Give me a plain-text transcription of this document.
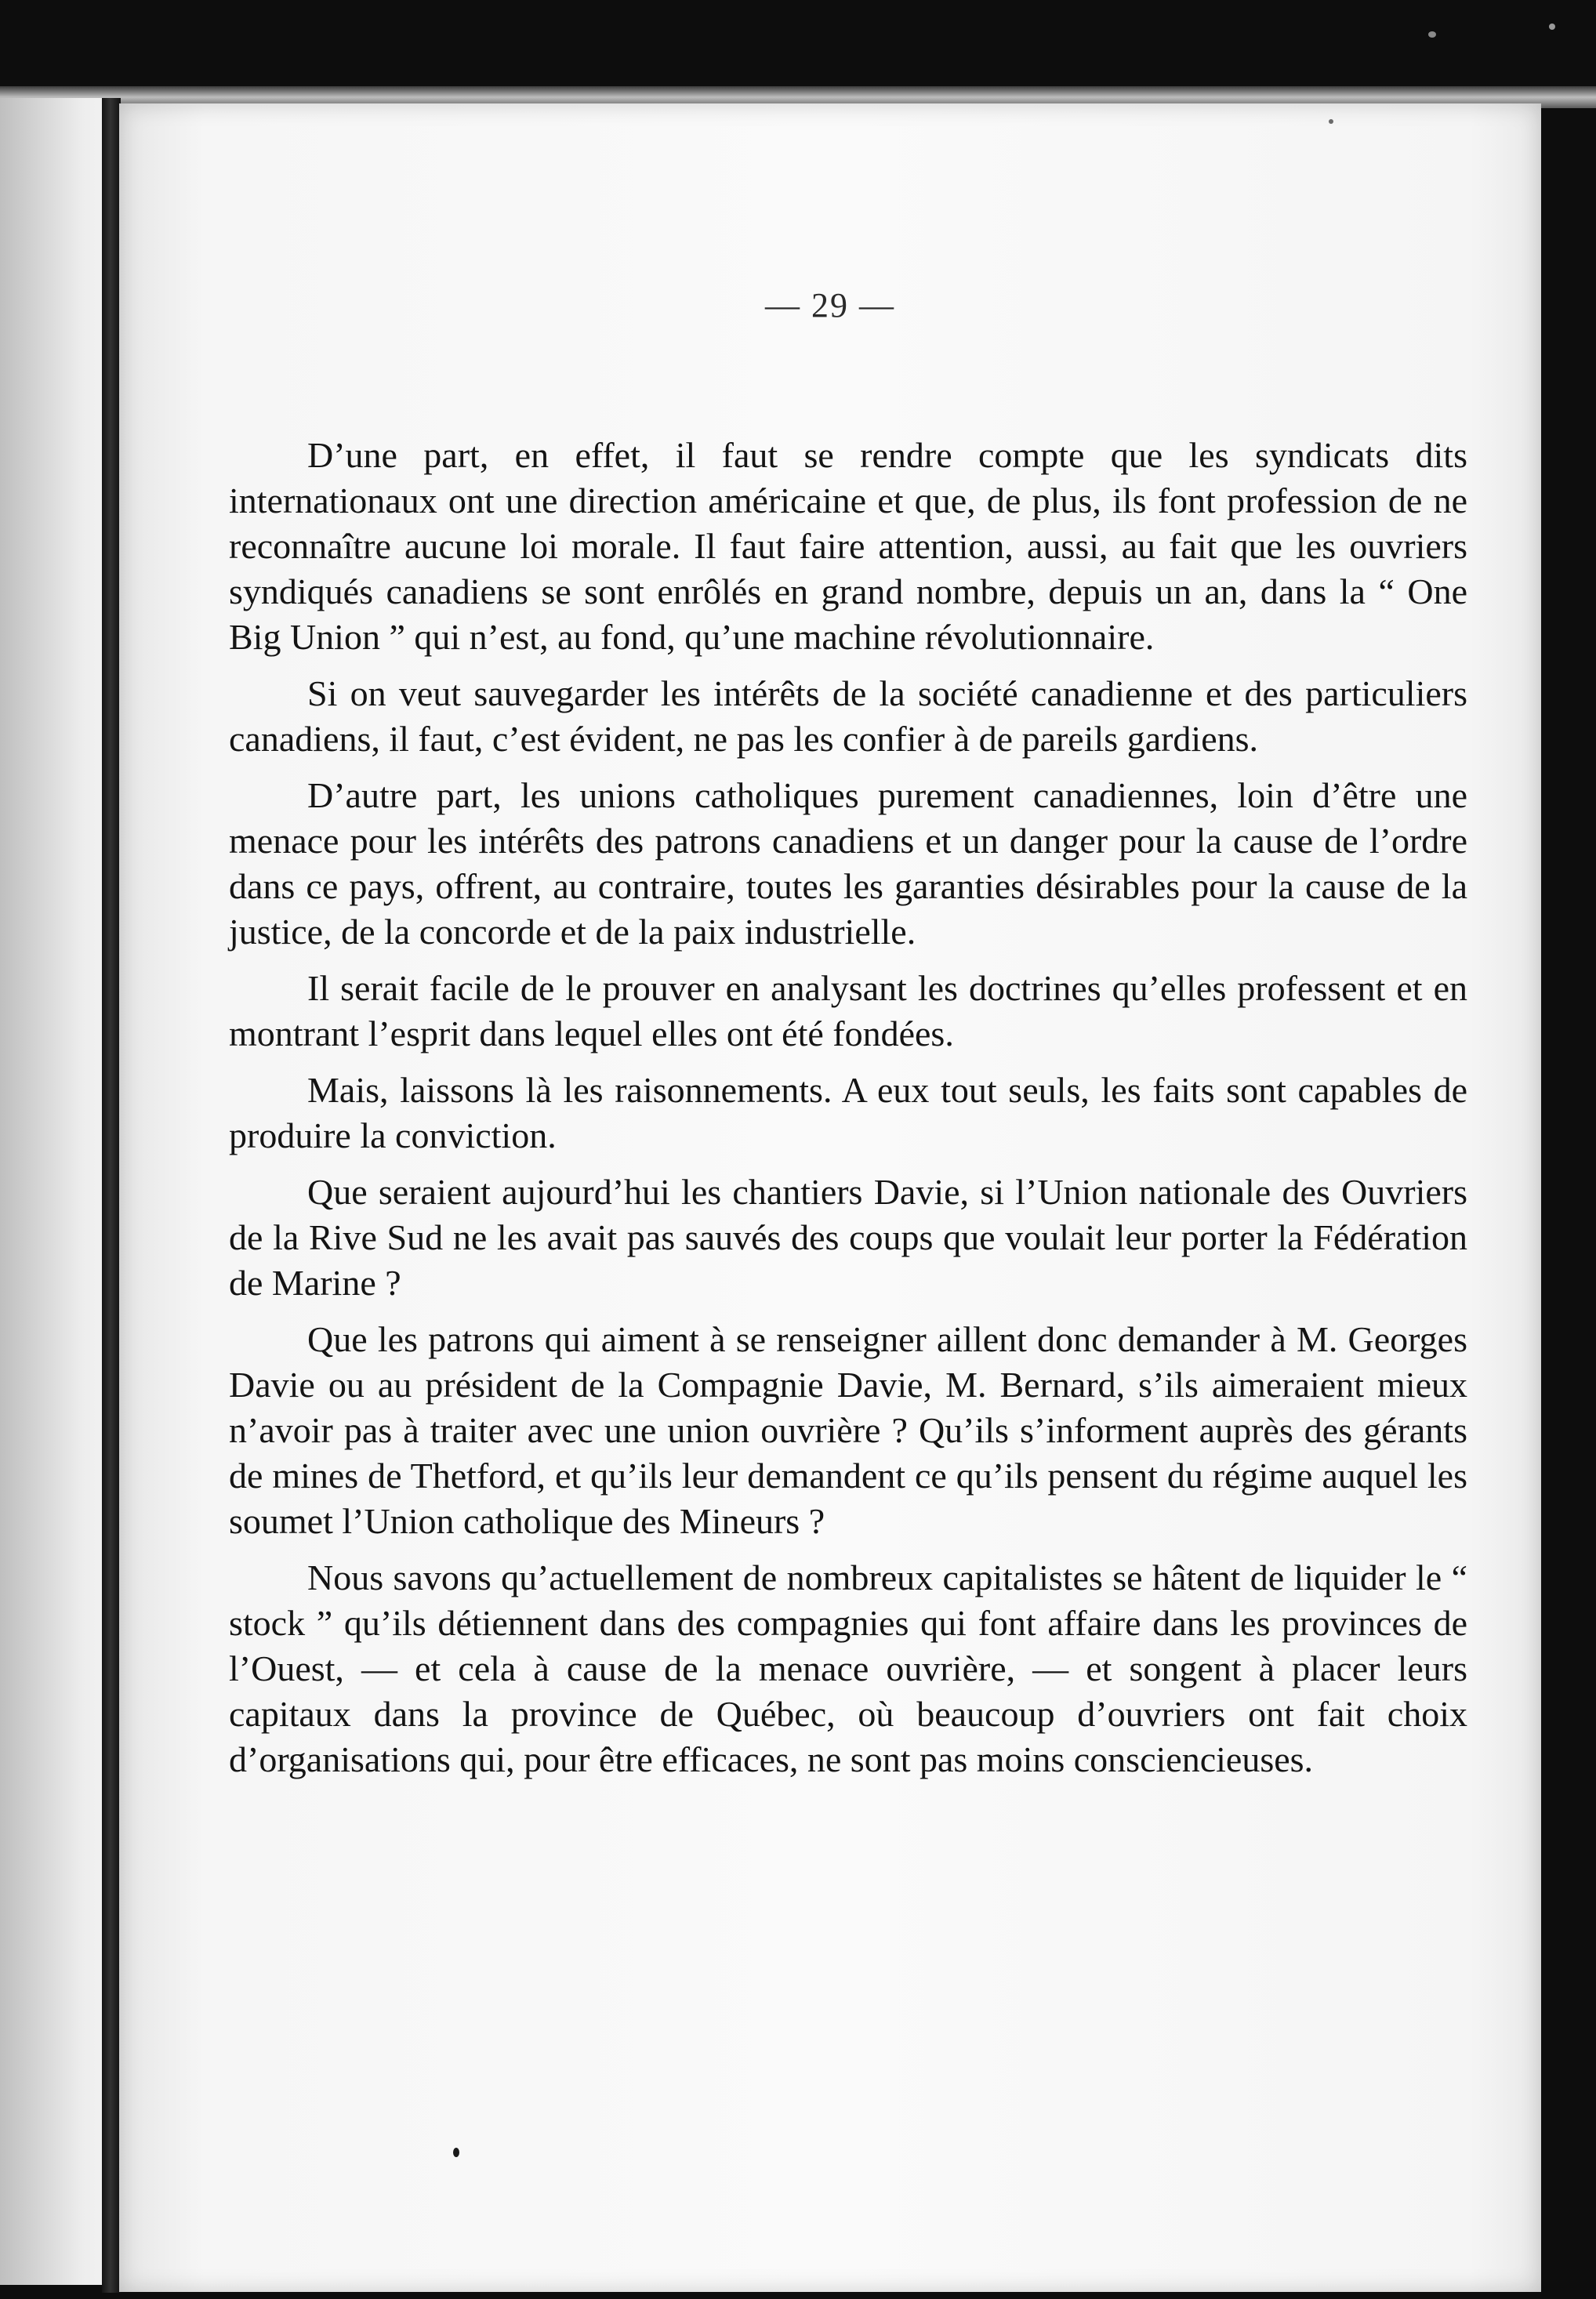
— 29 —

D’une part, en effet, il faut se rendre compte que les syndicats dits internationaux ont une direction américaine et que, de plus, ils font profession de ne reconnaître aucune loi morale. Il faut faire attention, aussi, au fait que les ouvriers syndiqués canadiens se sont enrôlés en grand nombre, depuis un an, dans la “ One Big Union ” qui n’est, au fond, qu’une machine révolutionnaire.

Si on veut sauvegarder les intérêts de la société canadienne et des particuliers canadiens, il faut, c’est évident, ne pas les confier à de pareils gardiens.

D’autre part, les unions catholiques purement canadiennes, loin d’être une menace pour les intérêts des patrons canadiens et un danger pour la cause de l’ordre dans ce pays, offrent, au contraire, toutes les garanties désirables pour la cause de la justice, de la concorde et de la paix industrielle.

Il serait facile de le prouver en analysant les doctrines qu’elles professent et en montrant l’esprit dans lequel elles ont été fondées.

Mais, laissons là les raisonnements. A eux tout seuls, les faits sont capables de produire la conviction.

Que seraient aujourd’hui les chantiers Davie, si l’Union nationale des Ouvriers de la Rive Sud ne les avait pas sauvés des coups que voulait leur porter la Fédération de Marine ?

Que les patrons qui aiment à se renseigner aillent donc demander à M. Georges Davie ou au président de la Compagnie Davie, M. Bernard, s’ils aimeraient mieux n’avoir pas à traiter avec une union ouvrière ? Qu’ils s’informent auprès des gérants de mines de Thetford, et qu’ils leur demandent ce qu’ils pensent du régime auquel les soumet l’Union catholique des Mineurs ?

Nous savons qu’actuellement de nombreux capitalistes se hâtent de liquider le “ stock ” qu’ils détiennent dans des compagnies qui font affaire dans les provinces de l’Ouest, — et cela à cause de la menace ouvrière, — et songent à placer leurs capitaux dans la province de Québec, où beaucoup d’ouvriers ont fait choix d’organisations qui, pour être efficaces, ne sont pas moins consciencieuses.
